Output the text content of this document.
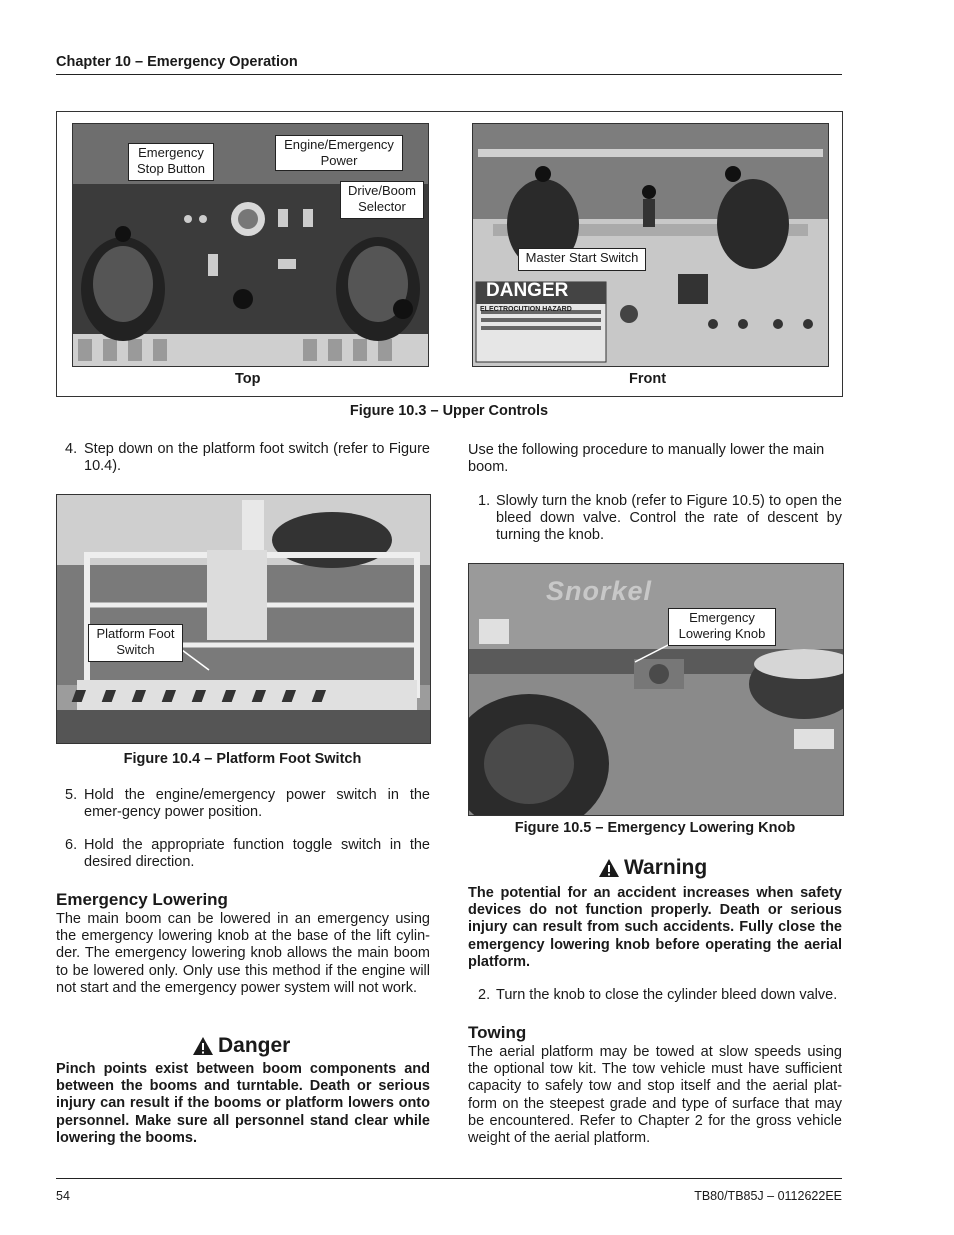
Chapter 10 – Emergency Operation
Emergency Stop Button
Engine/Emergency Power
Drive/Boom Selector
Top
DANGER
ELECTROCUTION HAZARD
Master Start Switch
Front
Figure 10.3 – Upper Controls
4. Step down on the platform foot switch (refer to Figure 10.4).
Platform Foot Switch
Figure 10.4 – Platform Foot Switch
5. Hold the engine/emergency power switch in the emer-gency power position.
6. Hold the appropriate function toggle switch in the desired direction.
Emergency Lowering
The main boom can be lowered in an emergency using the emergency lowering knob at the base of the lift cylin-der. The emergency lowering knob allows the main boom to be lowered only. Only use this method if the engine will not start and the emergency power system will not work.
Danger
Pinch points exist between boom components and between the booms and turntable. Death or serious injury can result if the booms or platform lowers onto personnel. Make sure all personnel stand clear while lowering the booms.
Use the following procedure to manually lower the main boom.
1. Slowly turn the knob (refer to Figure 10.5) to open the bleed down valve. Control the rate of descent by turning the knob.
Snorkel
Emergency Lowering Knob
Figure 10.5 – Emergency Lowering Knob
Warning
The potential for an accident increases when safety devices do not function properly. Death or serious injury can result from such accidents. Fully close the emergency lowering knob before operating the aerial platform.
2. Turn the knob to close the cylinder bleed down valve.
Towing
The aerial platform may be towed at slow speeds using the optional tow kit. The tow vehicle must have sufficient capacity to safely tow and stop itself and the aerial plat-form on the steepest grade and type of surface that may be encountered. Refer to Chapter 2 for the gross vehicle weight of the aerial platform.
54	TB80/TB85J – 0112622EE
